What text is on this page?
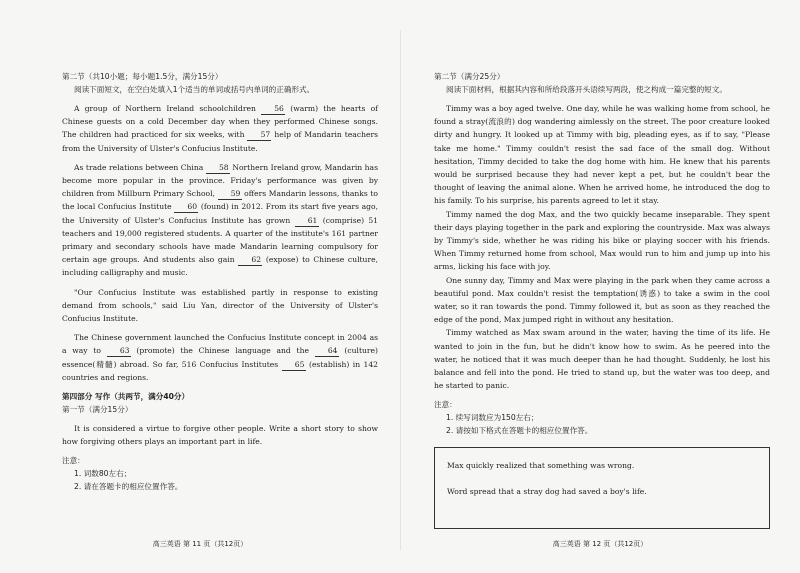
第二节（共10小题；每小题1.5分，满分15分）

阅读下面短文，在空白处填入1个适当的单词或括号内单词的正确形式。

A group of Northern Ireland schoolchildren 56 (warm) the hearts of Chinese guests on a cold December day when they performed Chinese songs. The children had practiced for six weeks, with 57 help of Mandarin teachers from the University of Ulster's Confucius Institute.

As trade relations between China 58 Northern Ireland grow, Mandarin has become more popular in the province. Friday's performance was given by children from Millburn Primary School, 59 offers Mandarin lessons, thanks to the local Confucius Institute 60 (found) in 2012. From its start five years ago, the University of Ulster's Confucius Institute has grown 61 (comprise) 51 teachers and 19,000 registered students. A quarter of the institute's 161 partner primary and secondary schools have made Mandarin learning compulsory for certain age groups. And students also gain 62 (expose) to Chinese culture, including calligraphy and music.

"Our Confucius Institute was established partly in response to existing demand from schools," said Liu Yan, director of the University of Ulster's Confucius Institute.

The Chinese government launched the Confucius Institute concept in 2004 as a way to 63 (promote) the Chinese language and the 64 (culture) essence(精髓) abroad. So far, 516 Confucius Institutes 65 (establish) in 142 countries and regions.

第四部分 写作（共两节，满分40分）

第一节（满分15分）

It is considered a virtue to forgive other people. Write a short story to show how forgiving others plays an important part in life.

注意：

1. 词数80左右；

2. 请在答题卡的相应位置作答。

高三英语 第 11 页（共12页）

第二节（满分25分）

阅读下面材料，根据其内容和所给段落开头语续写两段，使之构成一篇完整的短文。

Timmy was a boy aged twelve. One day, while he was walking home from school, he found a stray(流浪的) dog wandering aimlessly on the street. The poor creature looked dirty and hungry. It looked up at Timmy with big, pleading eyes, as if to say, "Please take me home." Timmy couldn't resist the sad face of the small dog. Without hesitation, Timmy decided to take the dog home with him. He knew that his parents would be surprised because they had never kept a pet, but he couldn't bear the thought of leaving the animal alone. When he arrived home, he introduced the dog to his family. To his surprise, his parents agreed to let it stay.

Timmy named the dog Max, and the two quickly became inseparable. They spent their days playing together in the park and exploring the countryside. Max was always by Timmy's side, whether he was riding his bike or playing soccer with his friends. When Timmy returned home from school, Max would run to him and jump up into his arms, licking his face with joy.

One sunny day, Timmy and Max were playing in the park when they came across a beautiful pond. Max couldn't resist the temptation(诱惑) to take a swim in the cool water, so it ran towards the pond. Timmy followed it, but as soon as they reached the edge of the pond, Max jumped right in without any hesitation.

Timmy watched as Max swam around in the water, having the time of its life. He wanted to join in the fun, but he didn't know how to swim. As he peered into the water, he noticed that it was much deeper than he had thought. Suddenly, he lost his balance and fell into the pond. He tried to stand up, but the water was too deep, and he started to panic.

注意：

1. 续写词数应为150左右；

2. 请按如下格式在答题卡的相应位置作答。

Max quickly realized that something was wrong.

Word spread that a stray dog had saved a boy's life.

高三英语 第 12 页（共12页）
